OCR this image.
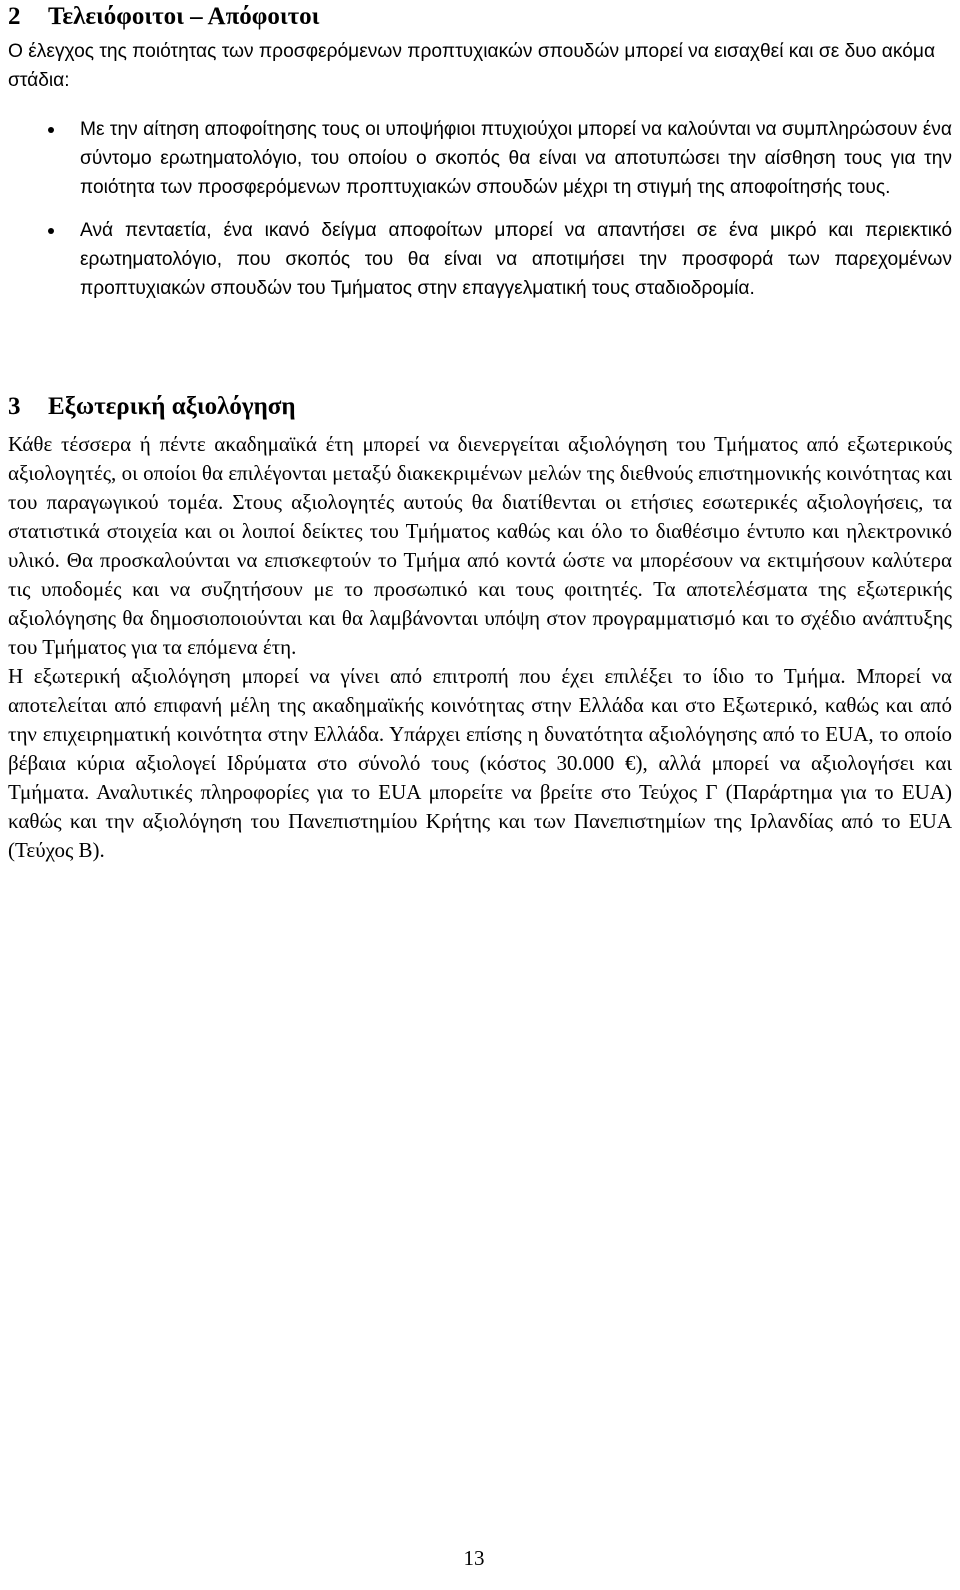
2 Τελειόφοιτοι – Απόφοιτοι

Ο έλεγχος της ποιότητας των προσφερόμενων προπτυχιακών σπουδών μπορεί να εισαχθεί και σε δυο ακόμα στάδια:

Με την αίτηση αποφοίτησης τους οι υποψήφιοι πτυχιούχοι μπορεί να καλούνται να συμπληρώσουν ένα σύντομο ερωτηματολόγιο, του οποίου ο σκοπός θα είναι να αποτυπώσει την αίσθηση τους για την ποιότητα των προσφερόμενων προπτυχιακών σπουδών μέχρι τη στιγμή της αποφοίτησής τους.
Ανά πενταετία, ένα ικανό δείγμα αποφοίτων μπορεί να απαντήσει σε ένα μικρό και περιεκτικό ερωτηματολόγιο, που σκοπός του θα είναι να αποτιμήσει την προσφορά των παρεχομένων προπτυχιακών σπουδών του Τμήματος στην επαγγελματική τους σταδιοδρομία.
3 Εξωτερική αξιολόγηση

Κάθε τέσσερα ή πέντε ακαδημαϊκά έτη μπορεί να διενεργείται αξιολόγηση του Τμήματος από εξωτερικούς αξιολογητές, οι οποίοι θα επιλέγονται μεταξύ διακεκριμένων μελών της διεθνούς επιστημονικής κοινότητας και του παραγωγικού τομέα. Στους αξιολογητές αυτούς θα διατίθενται οι ετήσιες εσωτερικές αξιολογήσεις, τα στατιστικά στοιχεία και οι λοιποί δείκτες του Τμήματος καθώς και όλο το διαθέσιμο έντυπο και ηλεκτρονικό υλικό. Θα προσκαλούνται να επισκεφτούν το Τμήμα από κοντά ώστε να μπορέσουν να εκτιμήσουν καλύτερα τις υποδομές και να συζητήσουν με το προσωπικό και τους φοιτητές. Τα αποτελέσματα της εξωτερικής αξιολόγησης θα δημοσιοποιούνται και θα λαμβάνονται υπόψη στον προγραμματισμό και το σχέδιο ανάπτυξης του Τμήματος για τα επόμενα έτη.

Η εξωτερική αξιολόγηση μπορεί να γίνει από επιτροπή που έχει επιλέξει το ίδιο το Τμήμα. Μπορεί να αποτελείται από επιφανή μέλη της ακαδημαϊκής κοινότητας στην Ελλάδα και στο Εξωτερικό, καθώς και από την επιχειρηματική κοινότητα στην Ελλάδα. Υπάρχει επίσης η δυνατότητα αξιολόγησης από το EUA, το οποίο βέβαια κύρια αξιολογεί Ιδρύματα στο σύνολό τους (κόστος 30.000 €), αλλά μπορεί να αξιολογήσει και Τμήματα. Αναλυτικές πληροφορίες για το EUA μπορείτε να βρείτε στο Τεύχος Γ (Παράρτημα για το EUA) καθώς και την αξιολόγηση του Πανεπιστημίου Κρήτης και των Πανεπιστημίων της Ιρλανδίας από το EUA (Τεύχος Β).

13
